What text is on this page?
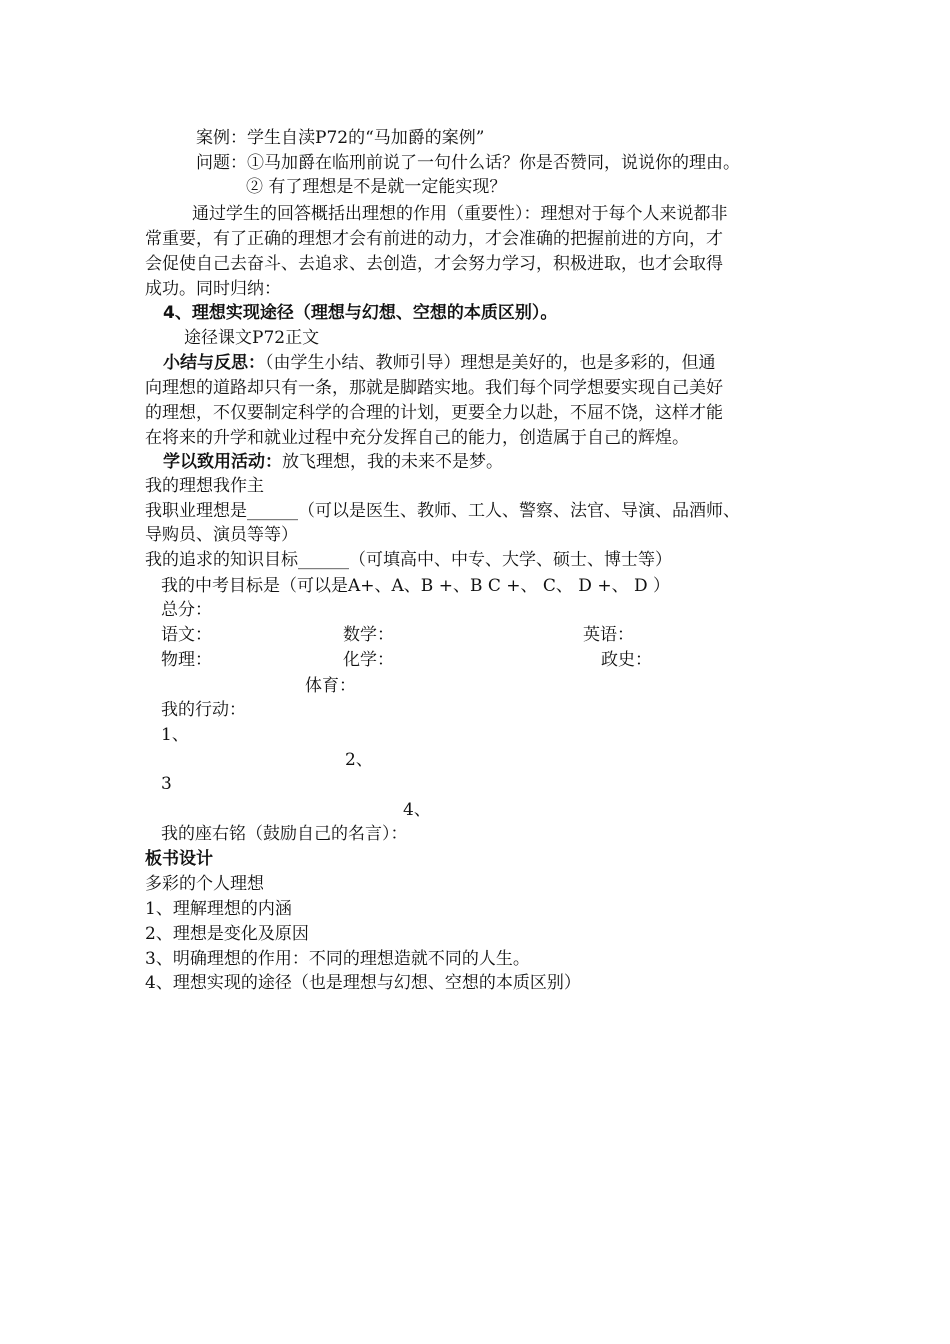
案例：学生自渎P72的“马加爵的案例”
问题：①马加爵在临刑前说了一句什么话？你是否赞同，说说你的理由。
② 有了理想是不是就一定能实现？
通过学生的回答概括出理想的作用（重要性）：理想对于每个人来说都非
常重要，有了正确的理想才会有前进的动力，才会准确的把握前进的方向，才
会促使自己去奋斗、去追求、去创造，才会努力学习，积极进取，也才会取得
成功。同时归纳：
4、理想实现途径（理想与幻想、空想的本质区别）。
途径课文P72正文
小结与反思：（由学生小结、教师引导）理想是美好的，也是多彩的，但通
向理想的道路却只有一条，那就是脚踏实地。我们每个同学想要实现自己美好
的理想，不仅要制定科学的合理的计划，更要全力以赴，不屈不饶，这样才能
在将来的升学和就业过程中充分发挥自己的能力，创造属于自己的辉煌。
学以致用活动：放飞理想，我的未来不是梦。
我的理想我作主
我职业理想是______（可以是医生、教师、工人、警察、法官、导演、品酒师、
导购员、演员等等）
我的追求的知识目标______（可填高中、中专、大学、硕士、博士等）
我的中考目标是（可以是A+、A、B +、B C +、 C、 D +、 D ）
总分：
语文：	数学：	英语：
物理：	化学：	政史：
体育：
我的行动：
1、
2、
3
4、
我的座右铭（鼓励自己的名言）：
板书设计
多彩的个人理想
1、理解理想的内涵
2、理想是变化及原因
3、明确理想的作用：不同的理想造就不同的人生。
4、理想实现的途径（也是理想与幻想、空想的本质区别）
